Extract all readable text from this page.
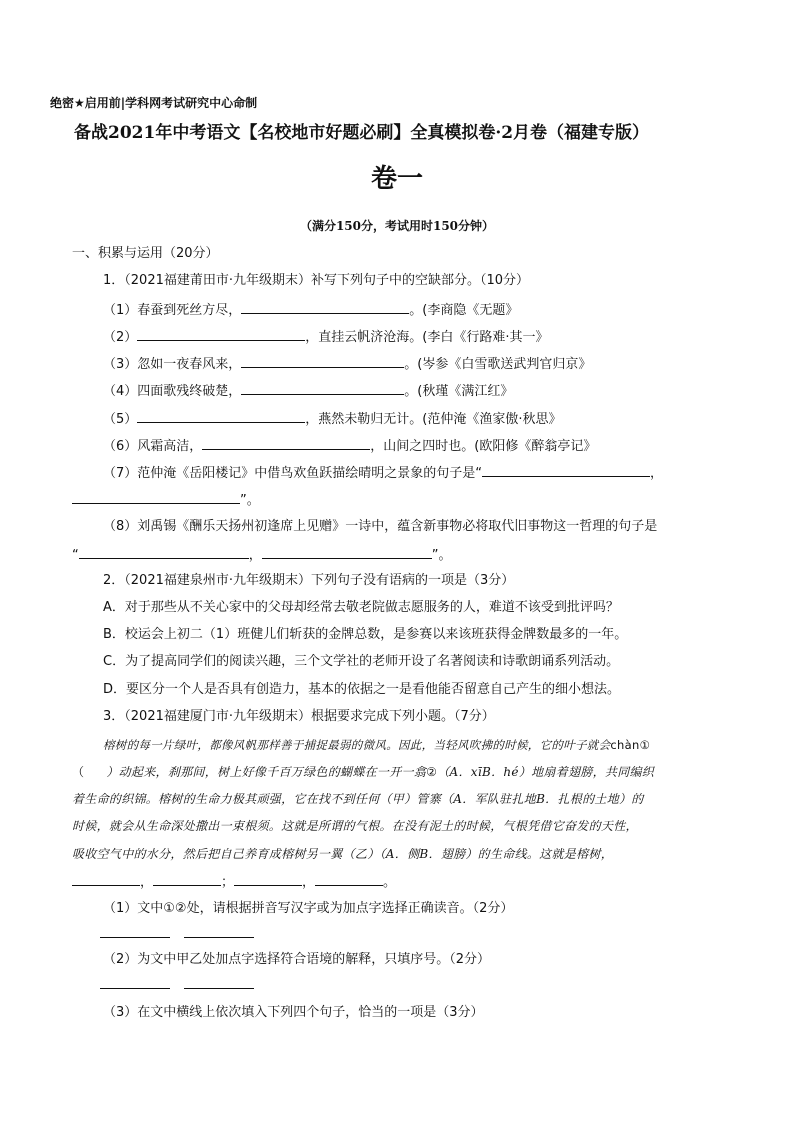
绝密★启用前|学科网考试研究中心命制
备战2021年中考语文【名校地市好题必刷】全真模拟卷·2月卷（福建专版）
卷一
（满分150分，考试用时150分钟）
一、积累与运用（20分）
1．（2021福建莆田市·九年级期末）补写下列句子中的空缺部分。（10分）
（1）春蚕到死丝方尽，	。(李商隐《无题》
（2）	，直挂云帆济沧海。(李白《行路难·其一》
（3）忽如一夜春风来，	。(岑参《白雪歌送武判官归京》
（4）四面歌残终破楚，	。(秋瑾《满江红》
（5）	，燕然未勒归无计。(范仲淹《渔家傲·秋思》
（6）风霜高洁，	，山间之四时也。(欧阳修《醉翁亭记》
（7）范仲淹《岳阳楼记》中借鸟欢鱼跃描绘晴明之景象的句子是“	，
”。
（8）刘禹锡《酬乐天扬州初逢席上见赠》一诗中，蕴含新事物必将取代旧事物这一哲理的句子是
“	，	”。
2．（2021福建泉州市·九年级期末）下列句子没有语病的一项是（3分）
A．对于那些从不关心家中的父母却经常去敬老院做志愿服务的人，难道不该受到批评吗？
B．校运会上初二（1）班健儿们斩获的金牌总数，是参赛以来该班获得金牌数最多的一年。
C．为了提高同学们的阅读兴趣，三个文学社的老师开设了名著阅读和诗歌朗诵系列活动。
D．要区分一个人是否具有创造力，基本的依据之一是看他能否留意自己产生的细小想法。
3．（2021福建厦门市·九年级期末）根据要求完成下列小题。（7分）
榕树的每一片绿叶，都像风帆那样善于捕捉最弱的微风。因此，当轻风吹拂的时候，它的叶子就会chàn①
（ ）动起来，刹那间，树上好像千百万绿色的蝴蝶在一开一翕②（A．xīB．hé）地扇着翅膀，共同编织
着生命的织锦。榕树的生命力极其顽强，它在找不到任何（甲）管寨（A．军队驻扎地B．扎根的土地）的
时候，就会从生命深处撒出一束根须。这就是所谓的气根。在没有泥土的时候，气根凭借它奋发的天性，
吸收空气中的水分，然后把自己养育成榕树另一翼（乙）（A．侧B．翅膀）的生命线。这就是榕树，
，	；	，	。
（1）文中①②处，请根据拼音写汉字或为加点字选择正确读音。（2分）
（2）为文中甲乙处加点字选择符合语境的解释，只填序号。（2分）
（3）在文中横线上依次填入下列四个句子，恰当的一项是（3分）
